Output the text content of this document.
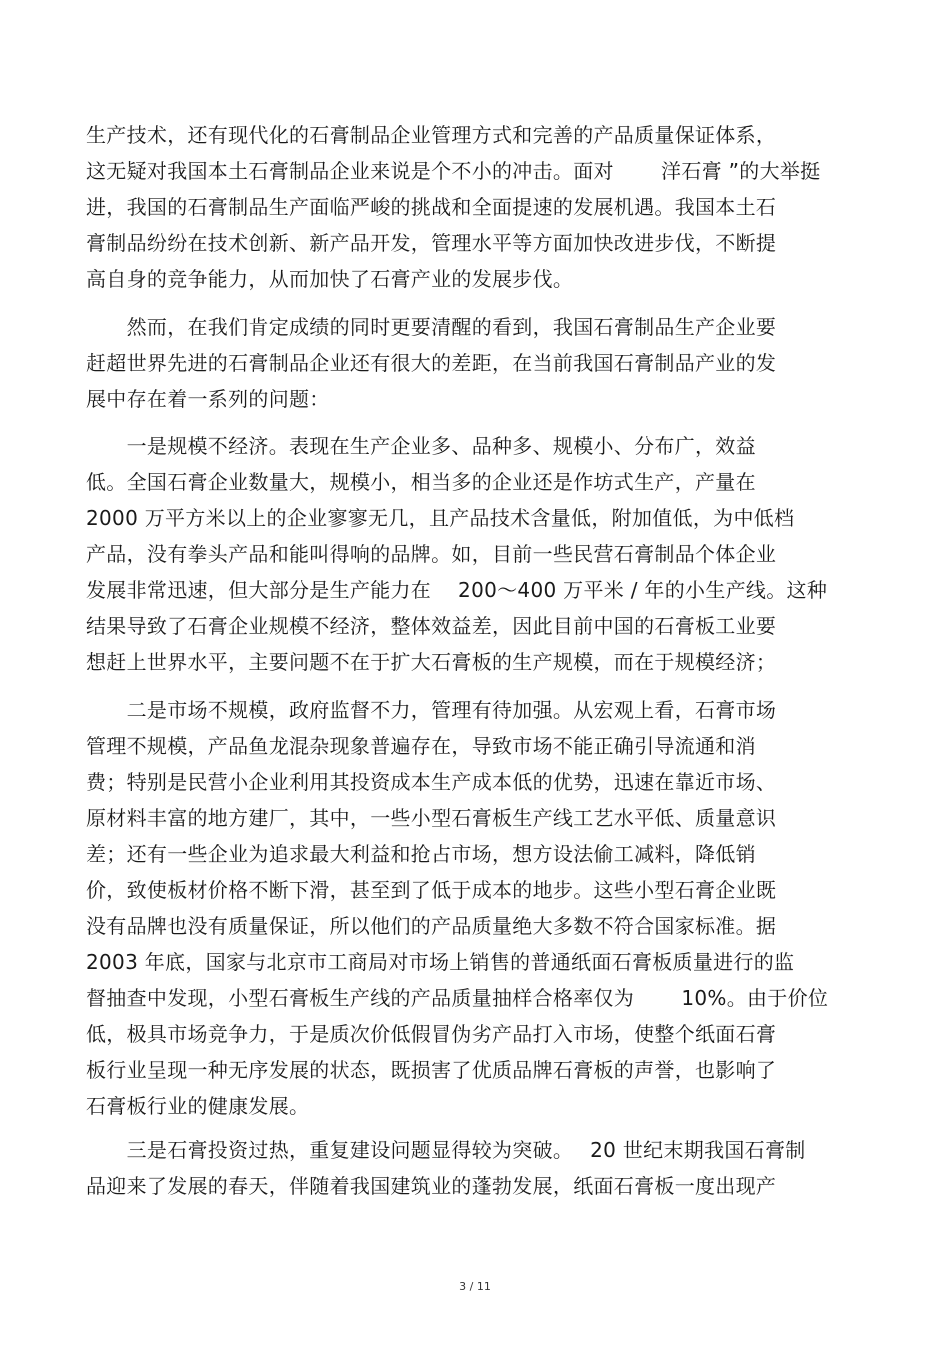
生产技术，还有现代化的石膏制品企业管理方式和完善的产品质量保证体系，
这无疑对我国本土石膏制品企业来说是个不小的冲击。面对　　 洋石膏 ”的大举挺
进，我国的石膏制品生产面临严峻的挑战和全面提速的发展机遇。我国本土石
膏制品纷纷在技术创新、新产品开发，管理水平等方面加快改进步伐，不断提
高自身的竞争能力，从而加快了石膏产业的发展步伐。
　　然而，在我们肯定成绩的同时更要清醒的看到，我国石膏制品生产企业要
赶超世界先进的石膏制品企业还有很大的差距，在当前我国石膏制品产业的发
展中存在着一系列的问题：
　　一是规模不经济。表现在生产企业多、品种多、规模小、分布广，效益
低。全国石膏企业数量大，规模小，相当多的企业还是作坊式生产，产量在
2000 万平方米以上的企业寥寥无几，且产品技术含量低，附加值低，为中低档
产品，没有拳头产品和能叫得响的品牌。如，目前一些民营石膏制品个体企业
发展非常迅速，但大部分是生产能力在　 200～400 万平米 / 年的小生产线。这种
结果导致了石膏企业规模不经济，整体效益差，因此目前中国的石膏板工业要
想赶上世界水平，主要问题不在于扩大石膏板的生产规模，而在于规模经济；
　　二是市场不规模，政府监督不力，管理有待加强。从宏观上看，石膏市场
管理不规模，产品鱼龙混杂现象普遍存在，导致市场不能正确引导流通和消
费；特别是民营小企业利用其投资成本生产成本低的优势，迅速在靠近市场、
原材料丰富的地方建厂，其中，一些小型石膏板生产线工艺水平低、质量意识
差；还有一些企业为追求最大利益和抢占市场，想方设法偷工减料，降低销
价，致使板材价格不断下滑，甚至到了低于成本的地步。这些小型石膏企业既
没有品牌也没有质量保证，所以他们的产品质量绝大多数不符合国家标准。据
2003 年底，国家与北京市工商局对市场上销售的普通纸面石膏板质量进行的监
督抽查中发现，小型石膏板生产线的产品质量抽样合格率仅为　　 10%。由于价位
低，极具市场竞争力，于是质次价低假冒伪劣产品打入市场，使整个纸面石膏
板行业呈现一种无序发展的状态，既损害了优质品牌石膏板的声誉，也影响了
石膏板行业的健康发展。
　　三是石膏投资过热，重复建设问题显得较为突破。　 20 世纪末期我国石膏制
品迎来了发展的春天，伴随着我国建筑业的蓬勃发展，纸面石膏板一度出现产
3 / 11
